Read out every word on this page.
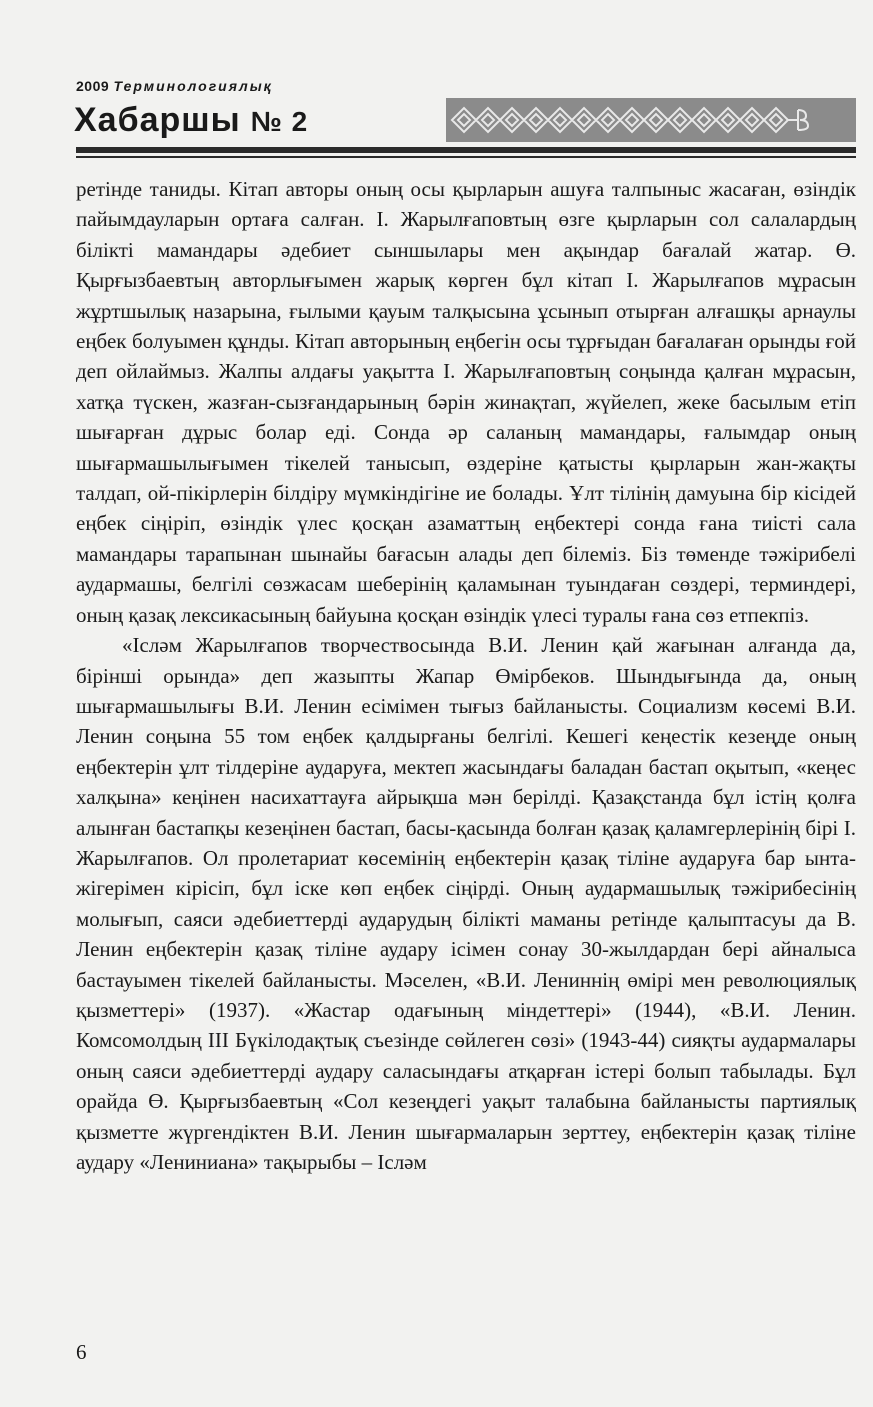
2009 Терминологиялық
Хабаршы № 2

ретінде таниды. Кітап авторы оның осы қырларын ашуға талпыныс жасаған, өзіндік пайымдауларын ортаға салған. І. Жарылғаповтың өзге қырларын сол салалардың білікті мамандары әдебиет сыншылары мен ақындар бағалай жатар. Ө. Қырғызбаевтың авторлығымен жарық көрген бұл кітап І. Жарылғапов мұрасын жұртшылық назарына, ғылыми қауым талқысына ұсынып отырған алғашқы арнаулы еңбек болуымен құнды. Кітап авторының еңбегін осы тұрғыдан бағалаған орынды ғой деп ойлаймыз. Жалпы алдағы уақытта І. Жарылғаповтың соңында қалған мұрасын, хатқа түскен, жазған-сызғандарының бәрін жинақтап, жүйелеп, жеке басылым етіп шығарған дұрыс болар еді. Сонда әр саланың мамандары, ғалымдар оның шығармашылығымен тікелей танысып, өздеріне қатысты қырларын жан-жақты талдап, ой-пікірлерін білдіру мүмкіндігіне ие болады. Ұлт тілінің дамуына бір кісідей еңбек сіңіріп, өзіндік үлес қосқан азаматтың еңбектері сонда ғана тиісті сала мамандары тарапынан шынайы бағасын алады деп білеміз. Біз төменде тәжірибелі аудармашы, белгілі сөзжасам шеберінің қаламынан туындаған сөздері, терминдері, оның қазақ лексикасының байуына қосқан өзіндік үлесі туралы ғана сөз етпекпіз.

«Ісләм Жарылғапов творчествосында В.И. Ленин қай жағынан алғанда да, бірінші орында» деп жазыпты Жапар Өмірбеков. Шындығында да, оның шығармашылығы В.И. Ленин есімімен тығыз байланысты. Социализм көсемі В.И. Ленин соңына 55 том еңбек қалдырғаны белгілі. Кешегі кеңестік кезеңде оның еңбектерін ұлт тілдеріне аударуға, мектеп жасындағы баладан бастап оқытып, «кеңес халқына» кеңінен насихаттауға айрықша мән берілді. Қазақстанда бұл істің қолға алынған бастапқы кезеңінен бастап, басы-қасында болған қазақ қаламгерлерінің бірі І. Жарылғапов. Ол пролетариат көсемінің еңбектерін қазақ тіліне аударуға бар ынта-жігерімен кірісіп, бұл іске көп еңбек сіңірді. Оның аудармашылық тәжірибесінің молығып, саяси әдебиеттерді аударудың білікті маманы ретінде қалыптасуы да В. Ленин еңбектерін қазақ тіліне аудару ісімен сонау 30-жылдардан бері айналыса бастауымен тікелей байланысты. Мәселен, «В.И. Лениннің өмірі мен революциялық қызметтері» (1937). «Жастар одағының міндеттері» (1944), «В.И. Ленин. Комсомолдың III Бүкілодақтық съезінде сөйлеген сөзі» (1943-44) сияқты аудармалары оның саяси әдебиеттерді аудару саласындағы атқарған істері болып табылады. Бұл орайда Ө. Қырғызбаевтың «Сол кезеңдегі уақыт талабына байланысты партиялық қызметте жүргендіктен В.И. Ленин шығармаларын зерттеу, еңбектерін қазақ тіліне аудару «Лениниана» тақырыбы – Ісләм

6
